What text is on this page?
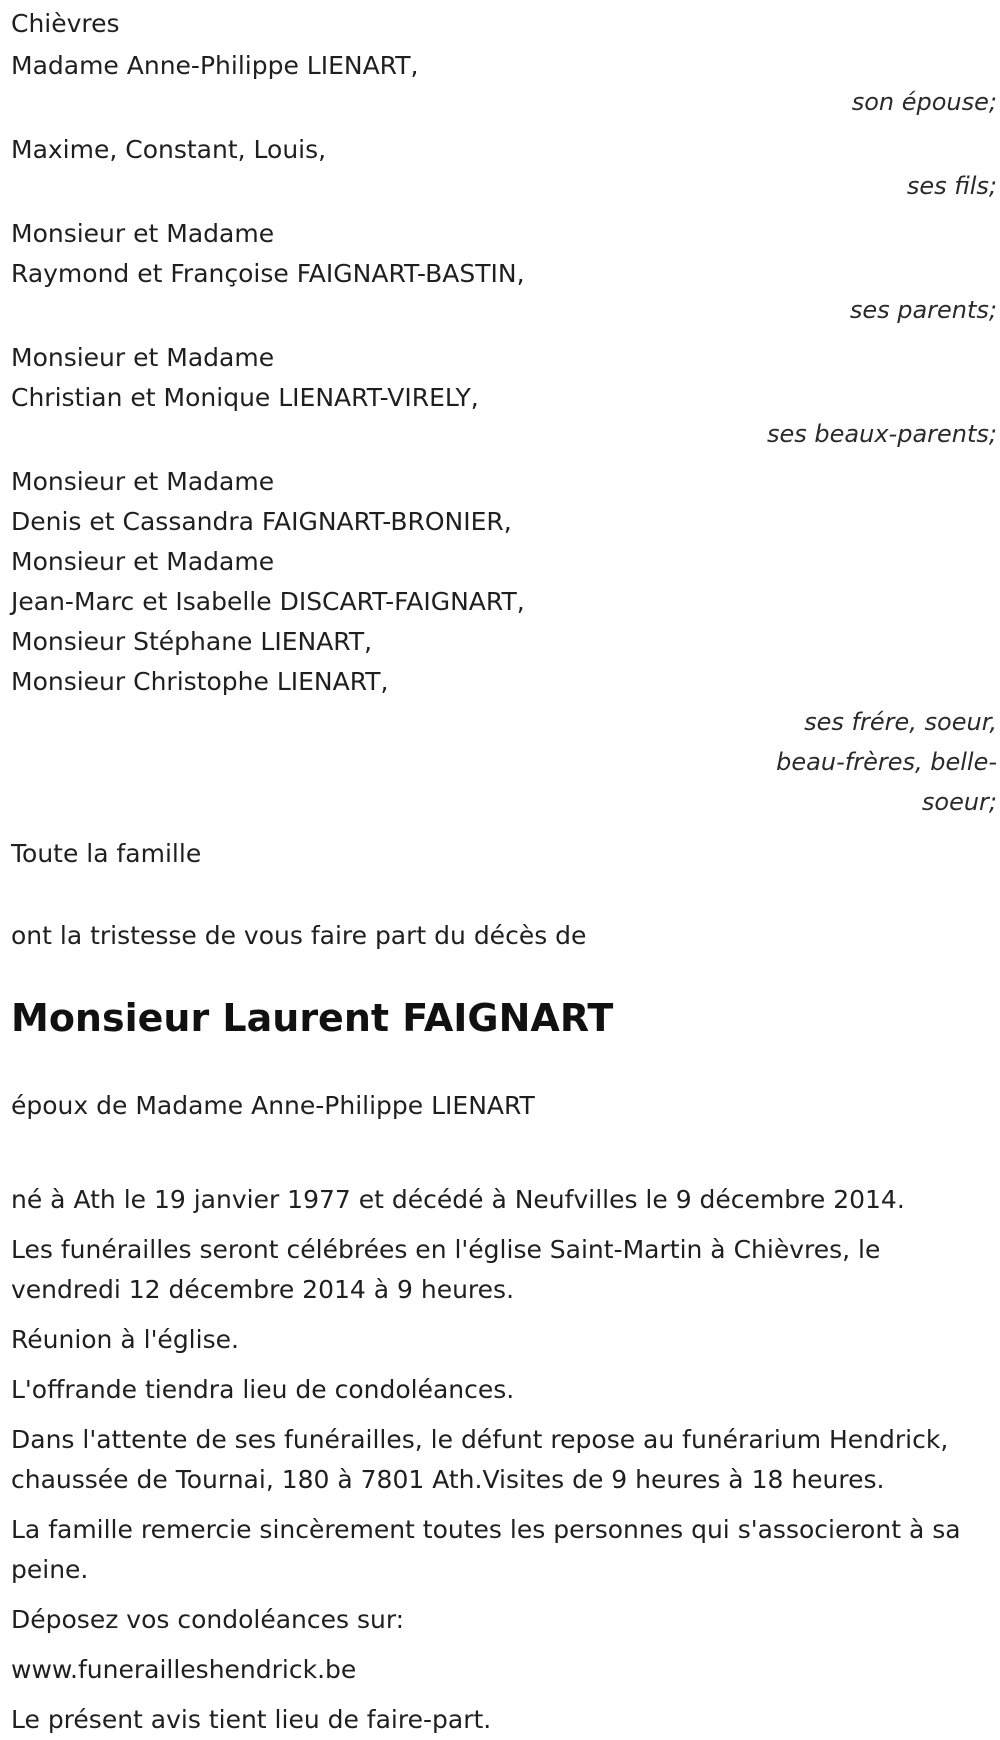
Chièvres

Madame Anne-Philippe LIENART,

son épouse;

Maxime, Constant, Louis,

ses fils;

Monsieur et Madame

Raymond et Françoise FAIGNART-BASTIN,

ses parents;

Monsieur et Madame

Christian et Monique LIENART-VIRELY,

ses beaux-parents;

Monsieur et Madame

Denis et Cassandra FAIGNART-BRONIER,

Monsieur et Madame

Jean-Marc et Isabelle DISCART-FAIGNART,

Monsieur Stéphane LIENART,

Monsieur Christophe LIENART,

ses frére, soeur,
beau-frères, belle-
soeur;

Toute la famille

ont la tristesse de vous faire part du décès de

Monsieur Laurent FAIGNART

époux de Madame Anne-Philippe LIENART

né à Ath le 19 janvier 1977 et décédé à Neufvilles le 9 décembre 2014.

Les funérailles seront célébrées en l'église Saint-Martin à Chièvres, le vendredi 12 décembre 2014 à 9 heures.

Réunion à l'église.

L'offrande tiendra lieu de condoléances.

Dans l'attente de ses funérailles, le défunt repose au funérarium Hendrick, chaussée de Tournai, 180 à 7801 Ath.Visites de 9 heures à 18 heures.

La famille remercie sincèrement toutes les personnes qui s'associeront à sa peine.

Déposez vos condoléances sur:

www.funerailleshendrick.be

Le présent avis tient lieu de faire-part.
